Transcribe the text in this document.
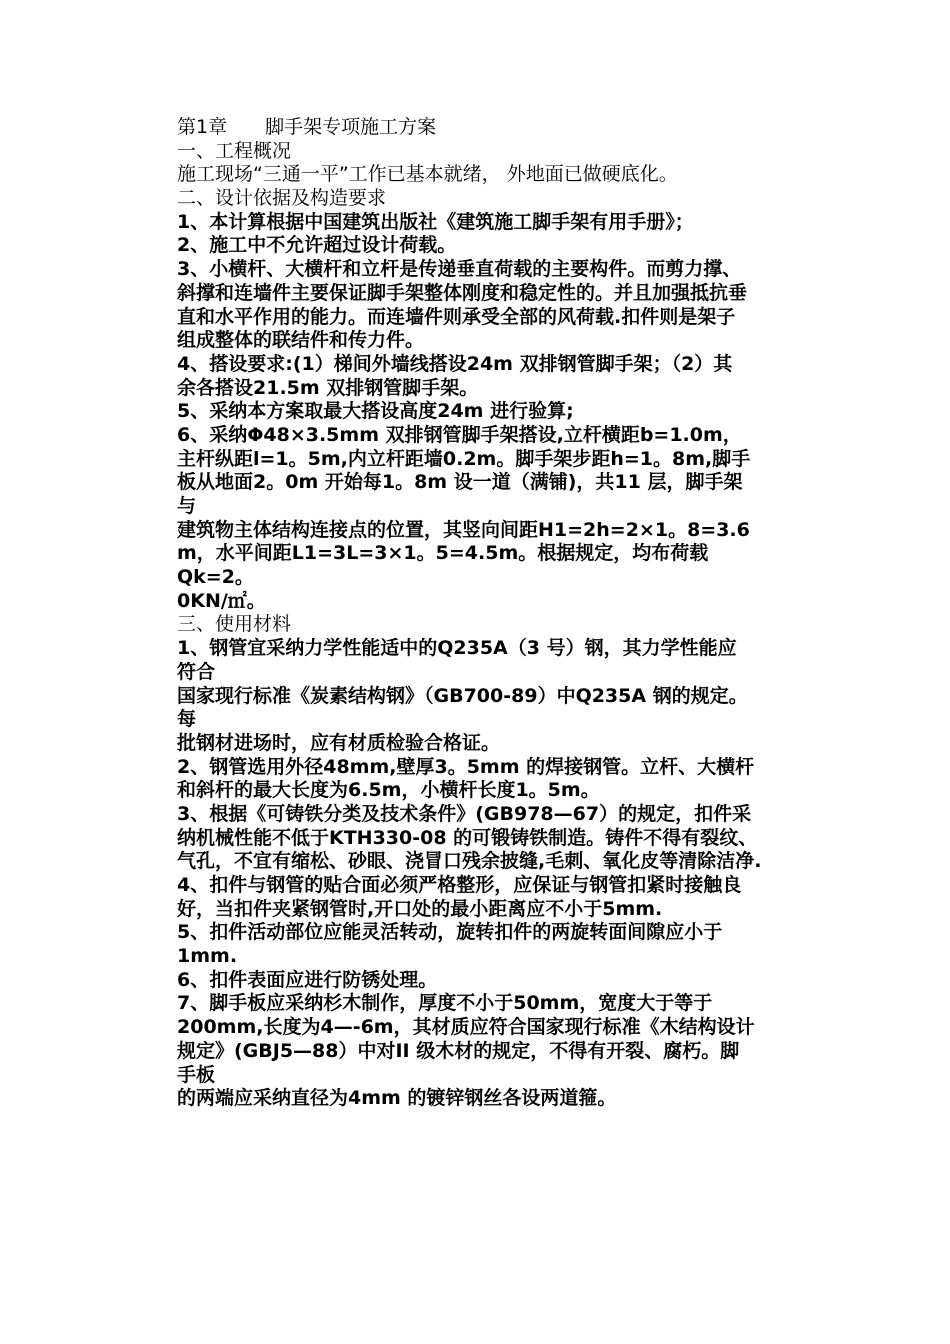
第1章　　脚手架专项施工方案
一、工程概况
施工现场“三通一平”工作已基本就绪， 外地面已做硬底化。
二、设计依据及构造要求
1、本计算根据中国建筑出版社《建筑施工脚手架有用手册》；
2、施工中不允许超过设计荷载。
3、小横杆、大横杆和立杆是传递垂直荷载的主要构件。而剪力撑、
斜撑和连墙件主要保证脚手架整体刚度和稳定性的。并且加强抵抗垂
直和水平作用的能力。而连墙件则承受全部的风荷载.扣件则是架子
组成整体的联结件和传力件。
4、搭设要求:(1）梯间外墙线搭设24m 双排钢管脚手架；（2）其
余各搭设21.5m 双排钢管脚手架。
5、采纳本方案取最大搭设高度24m 进行验算;
6、采纳Φ48×3.5mm 双排钢管脚手架搭设,立杆横距b=1.0m，
主杆纵距l=1。5m,内立杆距墙0.2m。脚手架步距h=1。8m,脚手
板从地面2。0m 开始每1。8m 设一道（满铺)，共11 层，脚手架
与
建筑物主体结构连接点的位置，其竖向间距H1=2h=2×1。8=3.6
m，水平间距L1=3L=3×1。5=4.5m。根据规定，均布荷载
Qk=2。
0KN/㎡。
三、使用材料
1、钢管宜采纳力学性能适中的Q235A（3 号）钢，其力学性能应
符合
国家现行标准《炭素结构钢》（GB700-89）中Q235A 钢的规定。
每
批钢材进场时，应有材质检验合格证。
2、钢管选用外径48mm,壁厚3。5mm 的焊接钢管。立杆、大横杆
和斜杆的最大长度为6.5m，小横杆长度1。5m。
3、根据《可铸铁分类及技术条件》(GB978—67）的规定，扣件采
纳机械性能不低于KTH330-08 的可锻铸铁制造。铸件不得有裂纹、
气孔，不宜有缩松、砂眼、浇冒口残余披缝,毛刺、氧化皮等清除洁净.
4、扣件与钢管的贴合面必须严格整形，应保证与钢管扣紧时接触良
好，当扣件夹紧钢管时,开口处的最小距离应不小于5mm.
5、扣件活动部位应能灵活转动，旋转扣件的两旋转面间隙应小于
1mm.
6、扣件表面应进行防锈处理。
7、脚手板应采纳杉木制作，厚度不小于50mm，宽度大于等于
200mm,长度为4—-6m，其材质应符合国家现行标准《木结构设计
规定》(GBJ5—88）中对II 级木材的规定，不得有开裂、腐朽。脚
手板
的两端应采纳直径为4mm 的镀锌钢丝各设两道箍。
